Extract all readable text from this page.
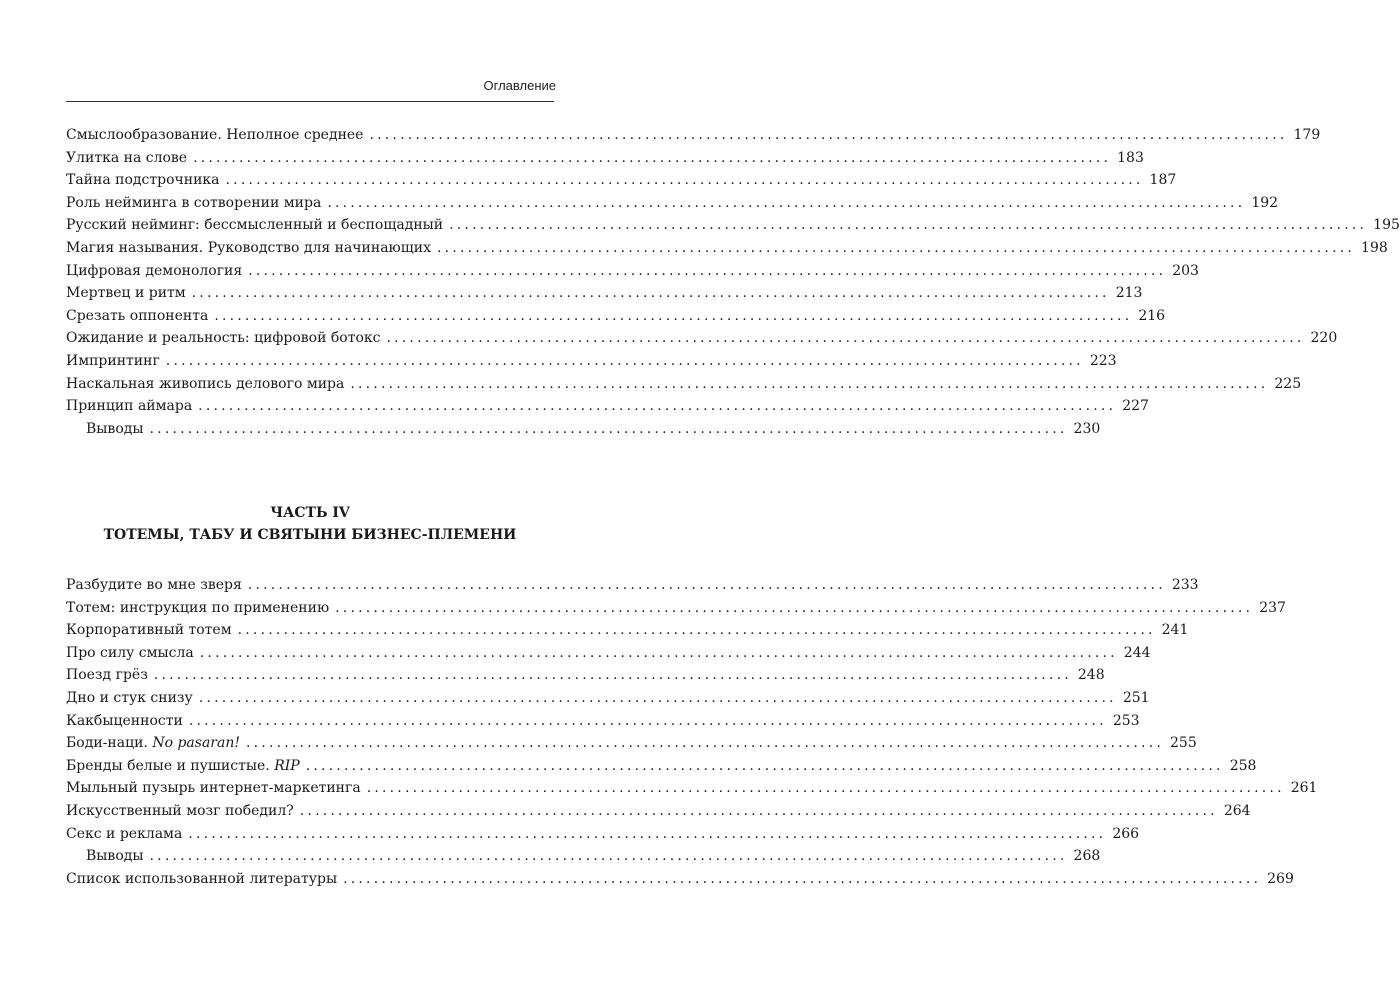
Оглавление
Смыслообразование. Неполное среднее ........................................................................................................................ 179
Улитка на слове ........................................................................................................................ 183
Тайна подстрочника ........................................................................................................................ 187
Роль нейминга в сотворении мира ........................................................................................................................ 192
Русский нейминг: бессмысленный и беспощадный ........................................................................................................................ 195
Магия называния. Руководство для начинающих ........................................................................................................................ 198
Цифровая демонология ........................................................................................................................ 203
Мертвец и ритм ........................................................................................................................ 213
Срезать оппонента ........................................................................................................................ 216
Ожидание и реальность: цифровой ботокс ........................................................................................................................ 220
Импринтинг ........................................................................................................................ 223
Наскальная живопись делового мира ........................................................................................................................ 225
Принцип аймара ........................................................................................................................ 227
Выводы ........................................................................................................................ 230
ЧАСТЬ IV
ТОТЕМЫ, ТАБУ И СВЯТЫНИ БИЗНЕС-ПЛЕМЕНИ
Разбудите во мне зверя ........................................................................................................................ 233
Тотем: инструкция по применению ........................................................................................................................ 237
Корпоративный тотем ........................................................................................................................ 241
Про силу смысла ........................................................................................................................ 244
Поезд грёз ........................................................................................................................ 248
Дно и стук снизу ........................................................................................................................ 251
Какбыценности ........................................................................................................................ 253
Боди-наци. No pasaran! ........................................................................................................................ 255
Бренды белые и пушистые. RIP ........................................................................................................................ 258
Мыльный пузырь интернет-маркетинга ........................................................................................................................ 261
Искусственный мозг победил? ........................................................................................................................ 264
Секс и реклама ........................................................................................................................ 266
Выводы ........................................................................................................................ 268
Список использованной литературы ........................................................................................................................ 269
